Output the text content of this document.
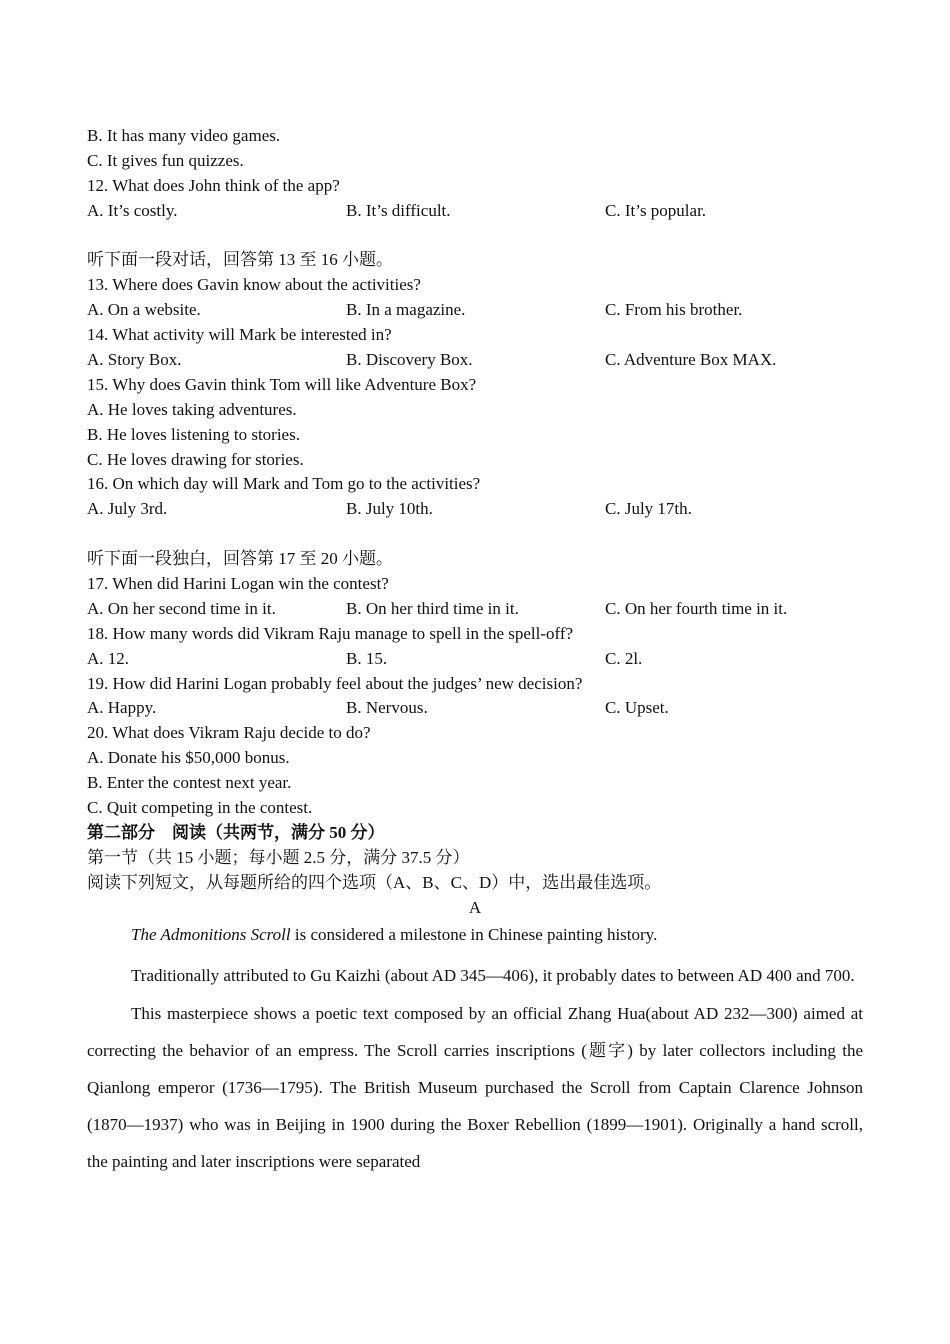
B. It has many video games.
C. It gives fun quizzes.
12. What does John think of the app?
A. It’s costly.	B. It’s difficult.	C. It’s popular.
听下面一段对话，回答第 13 至 16 小题。
13. Where does Gavin know about the activities?
A. On a website.	B. In a magazine.	C. From his brother.
14. What activity will Mark be interested in?
A. Story Box.	B. Discovery Box.	C. Adventure Box MAX.
15. Why does Gavin think Tom will like Adventure Box?
A. He loves taking adventures.
B. He loves listening to stories.
C. He loves drawing for stories.
16. On which day will Mark and Tom go to the activities?
A. July 3rd.	B. July 10th.	C. July 17th.
听下面一段独白，回答第 17 至 20 小题。
17. When did Harini Logan win the contest?
A. On her second time in it.	B. On her third time in it.	C. On her fourth time in it.
18. How many words did Vikram Raju manage to spell in the spell-off?
A. 12.	B. 15.	C. 2l.
19. How did Harini Logan probably feel about the judges’ new decision?
A. Happy.	B. Nervous.	C. Upset.
20. What does Vikram Raju decide to do?
A. Donate his $50,000 bonus.
B. Enter the contest next year.
C. Quit competing in the contest.
第二部分　阅读（共两节，满分 50 分）
第一节（共 15 小题；每小题 2.5 分，满分 37.5 分）
阅读下列短文，从每题所给的四个选项（A、B、C、D）中，选出最佳选项。
A

The Admonitions Scroll is considered a milestone in Chinese painting history.

Traditionally attributed to Gu Kaizhi (about AD 345—406), it probably dates to between AD 400 and 700.

This masterpiece shows a poetic text composed by an official Zhang Hua(about AD 232—300) aimed at correcting the behavior of an empress. The Scroll carries inscriptions (题字) by later collectors including the Qianlong emperor (1736—1795). The British Museum purchased the Scroll from Captain Clarence Johnson (1870—1937) who was in Beijing in 1900 during the Boxer Rebellion (1899—1901). Originally a hand scroll, the painting and later inscriptions were separated
